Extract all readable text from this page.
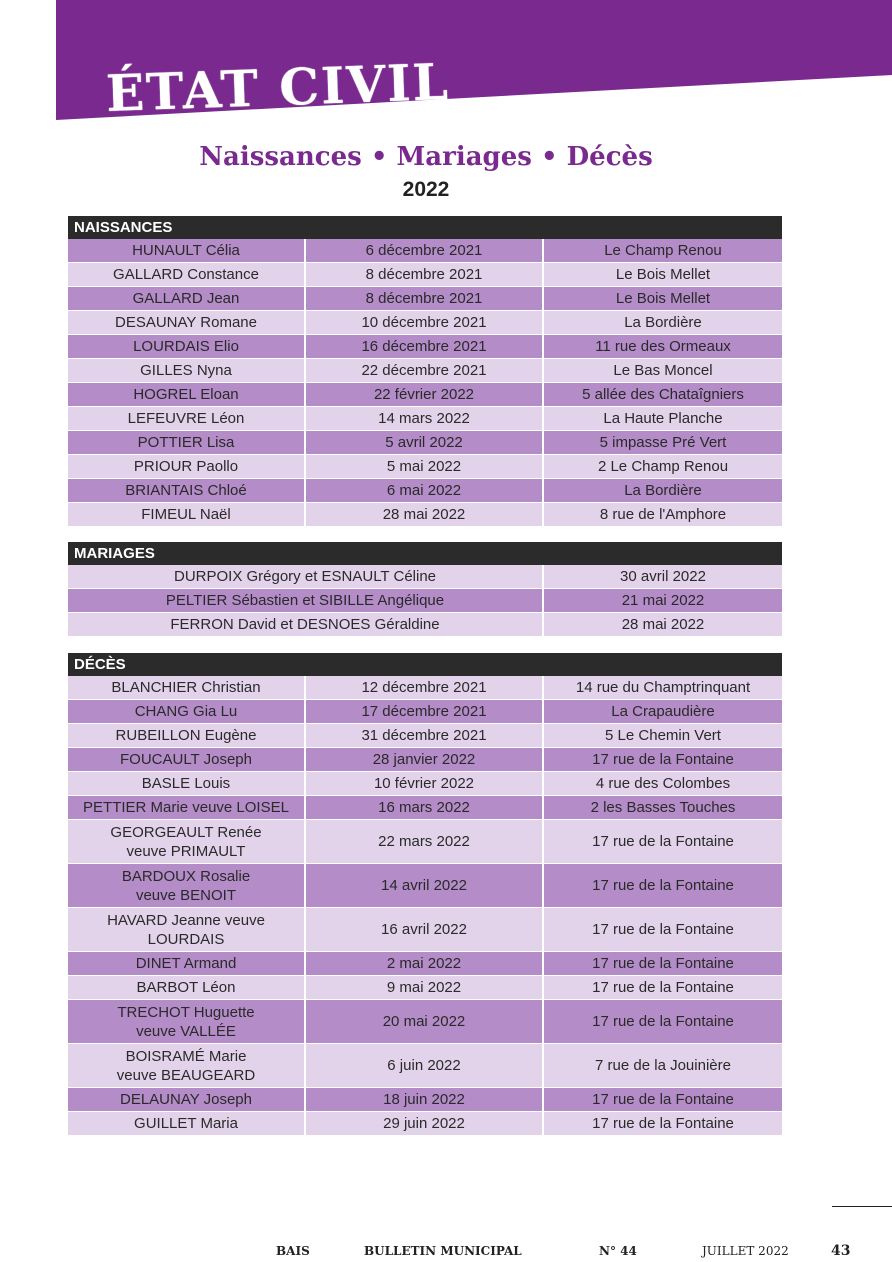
ÉTAT CIVIL
Naissances • Mariages • Décès
2022
NAISSANCES
HUNAULT Célia	6 décembre 2021	Le Champ Renou
GALLARD Constance	8 décembre 2021	Le Bois Mellet
GALLARD Jean	8 décembre 2021	Le Bois Mellet
DESAUNAY Romane	10 décembre 2021	La Bordière
LOURDAIS Elio	16 décembre 2021	11 rue des Ormeaux
GILLES Nyna	22 décembre 2021	Le Bas Moncel
HOGREL Eloan	22 février 2022	5 allée des Chataîgniers
LEFEUVRE Léon	14 mars 2022	La Haute Planche
POTTIER Lisa	5 avril 2022	5 impasse Pré Vert
PRIOUR Paollo	5 mai 2022	2 Le Champ Renou
BRIANTAIS Chloé	6 mai 2022	La Bordière
FIMEUL Naël	28 mai 2022	8 rue de l'Amphore
MARIAGES
DURPOIX Grégory et ESNAULT Céline	30 avril 2022
PELTIER Sébastien et SIBILLE Angélique	21 mai 2022
FERRON David et DESNOES Géraldine	28 mai 2022
DÉCÈS
BLANCHIER Christian	12 décembre 2021	14 rue du Champtrinquant
CHANG Gia Lu	17 décembre 2021	La Crapaudière
RUBEILLON Eugène	31 décembre 2021	5 Le Chemin Vert
FOUCAULT Joseph	28 janvier 2022	17 rue de la Fontaine
BASLE Louis	10 février 2022	4 rue des Colombes
PETTIER Marie veuve LOISEL	16 mars 2022	2 les Basses Touches
GEORGEAULT Renée
veuve PRIMAULT
22 mars 2022	17 rue de la Fontaine
BARDOUX Rosalie
veuve BENOIT
14 avril 2022	17 rue de la Fontaine
HAVARD Jeanne veuve
LOURDAIS
16 avril 2022	17 rue de la Fontaine
DINET Armand	2 mai 2022	17 rue de la Fontaine
BARBOT Léon	9 mai 2022	17 rue de la Fontaine
TRECHOT Huguette
veuve VALLÉE
20 mai 2022	17 rue de la Fontaine
BOISRAMÉ Marie
veuve BEAUGEARD
6 juin 2022	7 rue de la Jouinière
DELAUNAY Joseph	18 juin 2022	17 rue de la Fontaine
GUILLET Maria	29 juin 2022	17 rue de la Fontaine
BAIS	BULLETIN MUNICIPAL	N° 44	JUILLET 2022	43
